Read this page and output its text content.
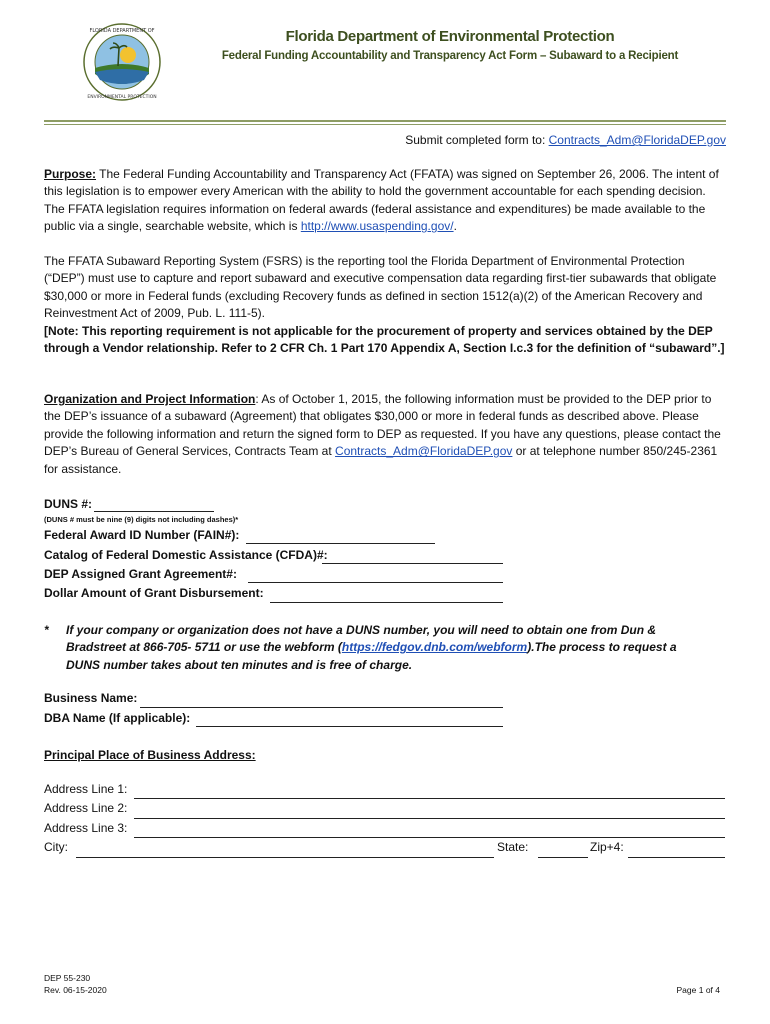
FLORIDA DEPARTMENT OF
ENVIRONMENTAL PROTECTION
Florida Department of Environmental Protection
Federal Funding Accountability and Transparency Act Form – Subaward to a Recipient
Submit completed form to: Contracts_Adm@FloridaDEP.gov
Purpose: The Federal Funding Accountability and Transparency Act (FFATA) was signed on September 26, 2006. The intent of this legislation is to empower every American with the ability to hold the government accountable for each spending decision. The FFATA legislation requires information on federal awards (federal assistance and expenditures) be made available to the public via a single, searchable website, which is http://www.usaspending.gov/.
The FFATA Subaward Reporting System (FSRS) is the reporting tool the Florida Department of Environmental Protection (“DEP”) must use to capture and report subaward and executive compensation data regarding first-tier subawards that obligate $30,000 or more in Federal funds (excluding Recovery funds as defined in section 1512(a)(2) of the American Recovery and Reinvestment Act of 2009, Pub. L. 111-5).
[Note: This reporting requirement is not applicable for the procurement of property and services obtained by the DEP through a Vendor relationship. Refer to 2 CFR Ch. 1 Part 170 Appendix A, Section I.c.3 for the definition of “subaward”.]
Organization and Project Information: As of October 1, 2015, the following information must be provided to the DEP prior to the DEP’s issuance of a subaward (Agreement) that obligates $30,000 or more in federal funds as described above. Please provide the following information and return the signed form to DEP as requested. If you have any questions, please contact the DEP’s Bureau of General Services, Contracts Team at Contracts_Adm@FloridaDEP.gov or at telephone number 850/245-2361 for assistance.
DUNS #:
(DUNS # must be nine (9) digits not including dashes)*
Federal Award ID Number (FAIN#):
Catalog of Federal Domestic Assistance (CFDA)#:
DEP Assigned Grant Agreement#:
Dollar Amount of Grant Disbursement:
* If your company or organization does not have a DUNS number, you will need to obtain one from Dun & Bradstreet at 866-705- 5711 or use the webform (https://fedgov.dnb.com/webform).The process to request a DUNS number takes about ten minutes and is free of charge.
Business Name:
DBA Name (If applicable):
Principal Place of Business Address:
Address Line 1:
Address Line 2:
Address Line 3:
City:	State:	Zip+4:
DEP 55-230
Rev. 06-15-2020	Page 1 of 4
